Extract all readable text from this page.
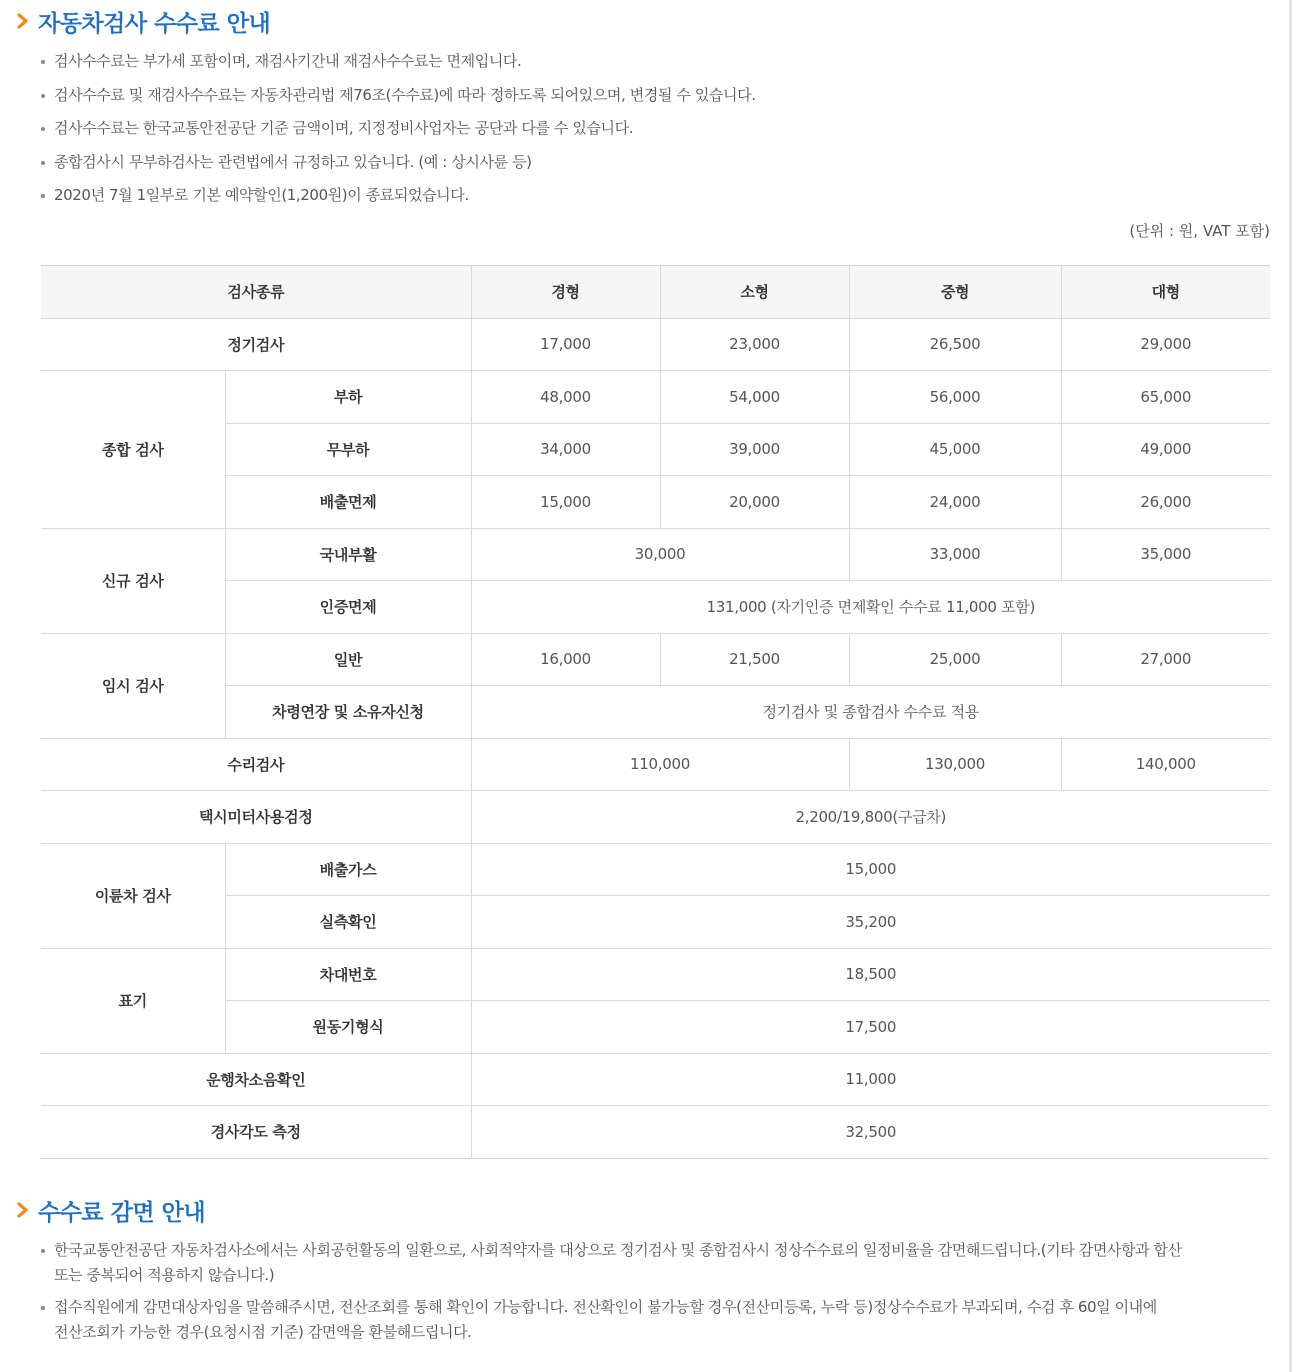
자동차검사 수수료 안내
검사수수료는 부가세 포함이며, 재검사기간내 재검사수수료는 면제입니다.
검사수수료 및 재검사수수료는 자동차관리법 제76조(수수료)에 따라 정하도록 되어있으며, 변경될 수 있습니다.
검사수수료는 한국교통안전공단 기준 금액이며, 지정정비사업자는 공단과 다를 수 있습니다.
종합검사시 무부하검사는 관련법에서 규정하고 있습니다. (예 : 상시사륜 등)
2020년 7월 1일부로 기본 예약할인(1,200원)이 종료되었습니다.
(단위 : 원, VAT 포함)
검사종류		경형	소형	중형	대형
정기검사		17,000	23,000	26,500	29,000
종합 검사	부하	48,000	54,000	56,000	65,000
	무부하	34,000	39,000	45,000	49,000
	배출면제	15,000	20,000	24,000	26,000
신규 검사	국내부활	30,000		33,000	35,000
	인증면제	131,000 (자기인증 면제확인 수수료 11,000 포함)			
임시 검사	일반	16,000	21,500	25,000	27,000
	차령연장 및 소유자신청	정기검사 및 종합검사 수수료 적용			
수리검사		110,000		130,000	140,000
택시미터사용검정		2,200/19,800(구급차)			
이륜차 검사	배출가스	15,000			
	실측확인	35,200			
표기	차대번호	18,500			
	원동기형식	17,500			
운행차소음확인		11,000			
경사각도 측정		32,500			
수수료 감면 안내
한국교통안전공단 자동차검사소에서는 사회공헌활동의 일환으로, 사회적약자를 대상으로 정기검사 및 종합검사시 정상수수료의 일정비율을 감면해드립니다.(기타 감면사항과 합산
또는 중복되어 적용하지 않습니다.)
접수직원에게 감면대상자임을 말씀해주시면, 전산조회를 통해 확인이 가능합니다. 전산확인이 불가능할 경우(전산미등록, 누락 등)정상수수료가 부과되며, 수검 후 60일 이내에
전산조회가 가능한 경우(요청시점 기준) 감면액을 환불해드립니다.
